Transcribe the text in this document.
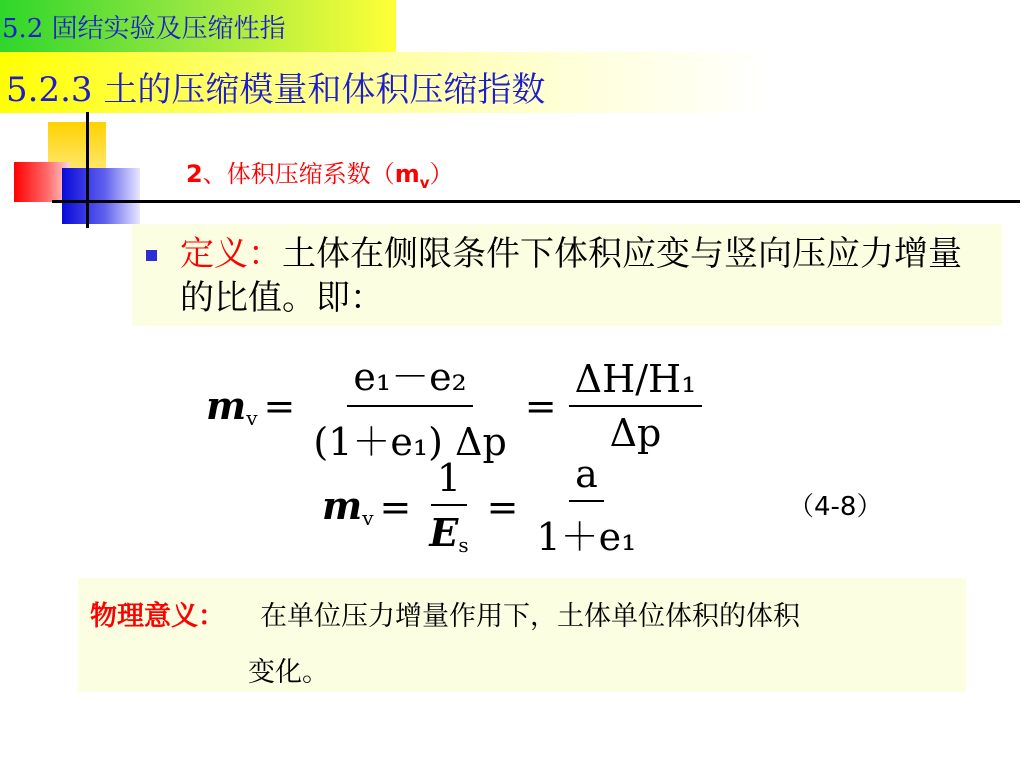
5.2 固结实验及压缩性指
5.2.3 土的压缩模量和体积压缩指数
2、体积压缩系数$(m_v)$
定义：土体在侧限条件下体积应变与竖向压应力增量的比值。即：
mv = $\frac{\text{e₁－e₂}}{\text{(1＋e₁) Δp}} = \frac{\text{ΔH/H₁}}{\Delta p}$
mv = $\frac{1}{Es} = \frac{a}{\text{1＋e₁}}$	（4-8）
物理意义： 在单位压力增量作用下，土体单位体积的体积
变化。
